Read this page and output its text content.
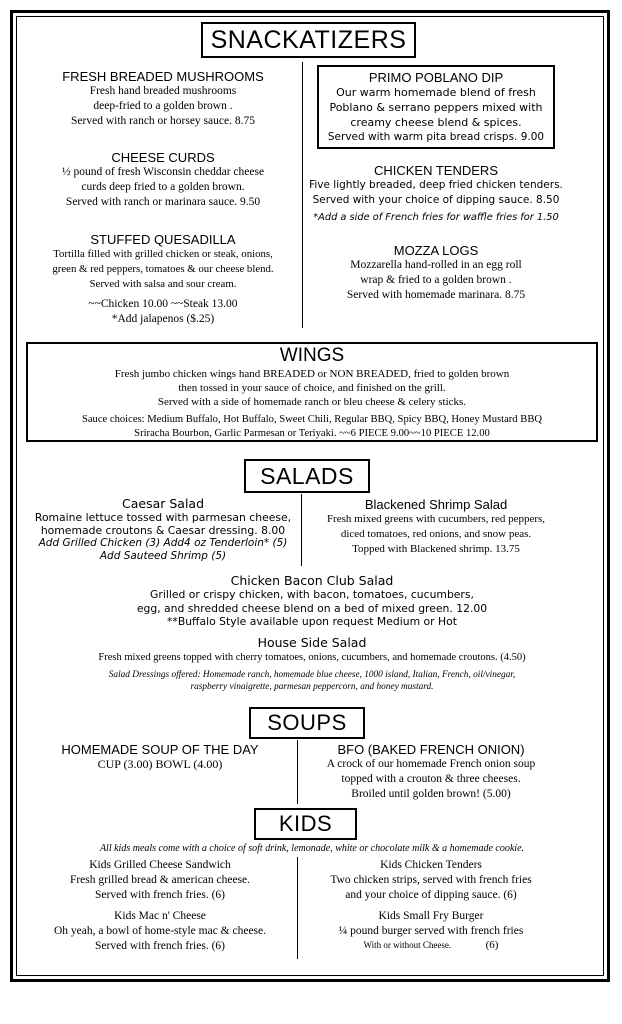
SNACKATIZERS
FRESH BREADED MUSHROOMS
Fresh hand breaded mushrooms
deep-fried to a golden brown .
Served with ranch or horsey sauce. 8.75
CHEESE CURDS
½ pound of fresh Wisconsin cheddar cheese
curds deep fried to a golden brown.
Served with ranch or marinara sauce. 9.50
STUFFED QUESADILLA
Tortilla filled with grilled chicken or steak, onions,
green & red peppers, tomatoes & our cheese blend.
Served with salsa and sour cream.
~~Chicken 10.00 ~~Steak 13.00
*Add jalapenos ($.25)
PRIMO POBLANO DIP
Our warm homemade blend of fresh
Poblano & serrano peppers mixed with
creamy cheese blend & spices.
Served with warm pita bread crisps. 9.00
CHICKEN TENDERS
Five lightly breaded, deep fried chicken tenders.
Served with your choice of dipping sauce. 8.50
*Add a side of French fries for waffle fries for 1.50
MOZZA LOGS
Mozzarella hand-rolled in an egg roll
wrap & fried to a golden brown .
Served with homemade marinara. 8.75
WINGS
Fresh jumbo chicken wings hand BREADED or NON BREADED, fried to golden brown
then tossed in your sauce of choice, and finished on the grill.
Served with a side of homemade ranch or bleu cheese & celery sticks.
Sauce choices: Medium Buffalo, Hot Buffalo, Sweet Chili, Regular BBQ, Spicy BBQ, Honey Mustard BBQ
Sriracha Bourbon, Garlic Parmesan or Teriyaki. ~~6 PIECE 9.00~~10 PIECE 12.00
SALADS
Caesar Salad
Romaine lettuce tossed with parmesan cheese,
homemade croutons & Caesar dressing. 8.00
Add Grilled Chicken (3) Add4 oz Tenderloin* (5)
Add Sauteed Shrimp (5)
Blackened Shrimp Salad
Fresh mixed greens with cucumbers, red peppers,
diced tomatoes, red onions, and snow peas.
Topped with Blackened shrimp. 13.75
Chicken Bacon Club Salad
Grilled or crispy chicken, with bacon, tomatoes, cucumbers,
egg, and shredded cheese blend on a bed of mixed green. 12.00
**Buffalo Style available upon request Medium or Hot
House Side Salad
Fresh mixed greens topped with cherry tomatoes, onions, cucumbers, and homemade croutons. (4.50)
Salad Dressings offered: Homemade ranch, homemade blue cheese, 1000 island, Italian, French, oil/vinegar,
raspberry vinaigrette, parmesan peppercorn, and honey mustard.
SOUPS
HOMEMADE SOUP OF THE DAY
CUP (3.00) BOWL (4.00)
BFO (BAKED FRENCH ONION)
A crock of our homemade French onion soup
topped with a crouton & three cheeses.
Broiled until golden brown! (5.00)
KIDS
All kids meals come with a choice of soft drink, lemonade, white or chocolate milk & a homemade cookie.
Kids Grilled Cheese Sandwich
Fresh grilled bread & american cheese.
Served with french fries. (6)
Kids Mac n' Cheese
Oh yeah, a bowl of home-style mac & cheese.
Served with french fries. (6)
Kids Chicken Tenders
Two chicken strips, served with french fries
and your choice of dipping sauce. (6)
Kids Small Fry Burger
¼ pound burger served with french fries
With or without Cheese.	(6)
